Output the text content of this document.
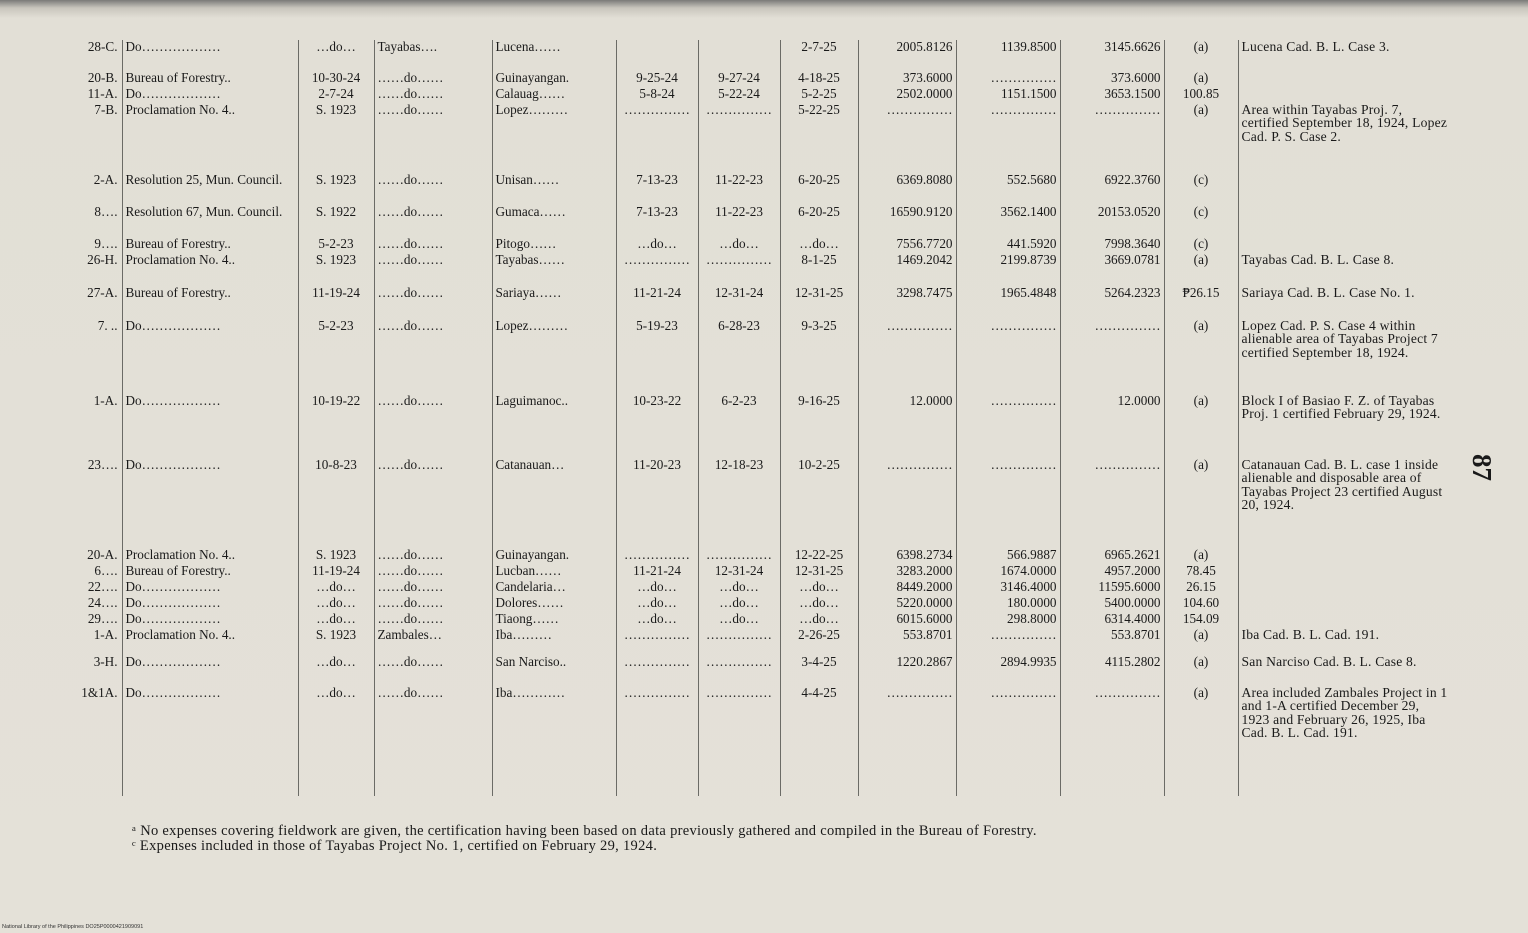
28-C.	Do………………	…do…	Tayabas….	Lucena……			2-7-25	2005.8126	1139.8500	3145.6626	(a)	Lucena Cad. B. L. Case 3.
20-B.	Bureau of Forestry..	10-30-24	……do……	Guinayangan.	9-25-24	9-27-24	4-18-25	373.6000	……………	373.6000	(a)	
11-A.	Do………………	2-7-24	……do……	Calauag……	5-8-24	5-22-24	5-2-25	2502.0000	1151.1500	3653.1500	100.85	
7-B.	Proclamation No. 4..	S. 1923	……do……	Lopez………	……………	……………	5-22-25	……………	……………	……………	(a)	Area within Tayabas Proj. 7, certified September 18, 1924, Lopez Cad. P. S. Case 2.
2-A.	Resolution 25, Mun. Council.	S. 1923	……do……	Unisan……	7-13-23	11-22-23	6-20-25	6369.8080	552.5680	6922.3760	(c)	
8….	Resolution 67, Mun. Council.	S. 1922	……do……	Gumaca……	7-13-23	11-22-23	6-20-25	16590.9120	3562.1400	20153.0520	(c)	
9….	Bureau of Forestry..	5-2-23	……do……	Pitogo……	…do…	…do…	…do…	7556.7720	441.5920	7998.3640	(c)	
26-H.	Proclamation No. 4..	S. 1923	……do……	Tayabas……	……………	……………	8-1-25	1469.2042	2199.8739	3669.0781	(a)	Tayabas Cad. B. L. Case 8.
27-A.	Bureau of Forestry..	11-19-24	……do……	Sariaya……	11-21-24	12-31-24	12-31-25	3298.7475	1965.4848	5264.2323	₱26.15	Sariaya Cad. B. L. Case No. 1.
7. ..	Do………………	5-2-23	……do……	Lopez………	5-19-23	6-28-23	9-3-25	……………	……………	……………	(a)	Lopez Cad. P. S. Case 4 within alienable area of Tayabas Project 7 certified September 18, 1924.
1-A.	Do………………	10-19-22	……do……	Laguimanoc..	10-23-22	6-2-23	9-16-25	12.0000	……………	12.0000	(a)	Block I of Basiao F. Z. of Tayabas Proj. 1 certified February 29, 1924.
23….	Do………………	10-8-23	……do……	Catanauan…	11-20-23	12-18-23	10-2-25	……………	……………	……………	(a)	Catanauan Cad. B. L. case 1 inside alienable and disposable area of Tayabas Project 23 certified August 20, 1924.
20-A.	Proclamation No. 4..	S. 1923	……do……	Guinayangan.	……………	……………	12-22-25	6398.2734	566.9887	6965.2621	(a)	
6….	Bureau of Forestry..	11-19-24	……do……	Lucban……	11-21-24	12-31-24	12-31-25	3283.2000	1674.0000	4957.2000	78.45	
22….	Do………………	…do…	……do……	Candelaria…	…do…	…do…	…do…	8449.2000	3146.4000	11595.6000	26.15	
24….	Do………………	…do…	……do……	Dolores……	…do…	…do…	…do…	5220.0000	180.0000	5400.0000	104.60	
29….	Do………………	…do…	……do……	Tiaong……	…do…	…do…	…do…	6015.6000	298.8000	6314.4000	154.09	
1-A.	Proclamation No. 4..	S. 1923	Zambales…	Iba………	……………	……………	2-26-25	553.8701	……………	553.8701	(a)	Iba Cad. B. L. Cad. 191.
3-H.	Do………………	…do…	……do……	San Narciso..	……………	……………	3-4-25	1220.2867	2894.9935	4115.2802	(a)	San Narciso Cad. B. L. Case 8.
1&1A.	Do………………	…do…	……do……	Iba…………	……………	……………	4-4-25	……………	……………	……………	(a)	Area included Zambales Project in 1 and 1-A certified December 29, 1923 and February 26, 1925, Iba Cad. B. L. Cad. 191.
ᵃ No expenses covering fieldwork are given, the certification having been based on data previously gathered and compiled in the Bureau of Forestry.
ᶜ Expenses included in those of Tayabas Project No. 1, certified on February 29, 1924.
87
National Library of the Philippines DO25P0000421909091
